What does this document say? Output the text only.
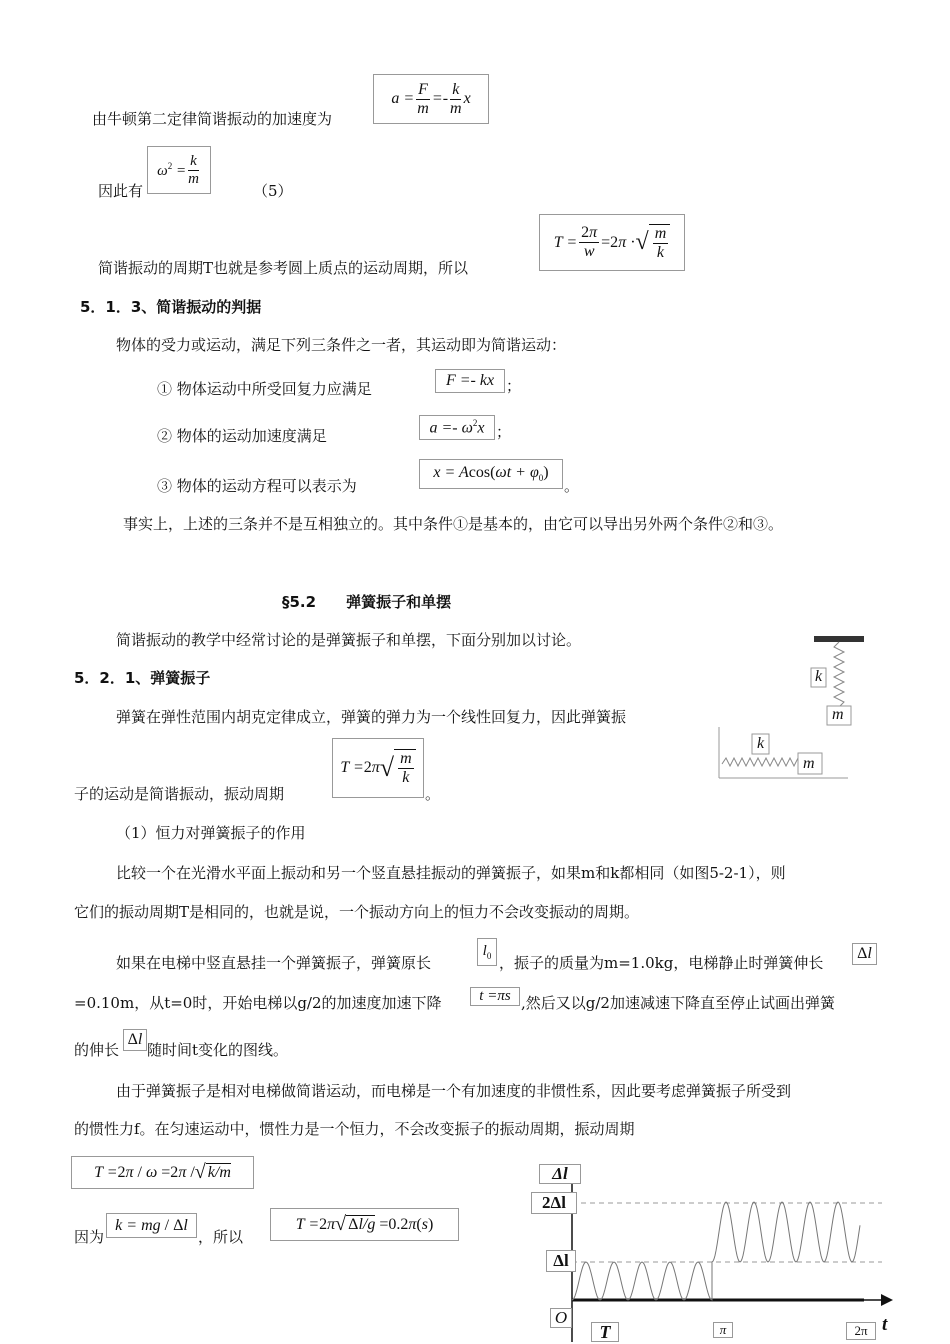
由牛顿第二定律简谐振动的加速度为
$a = \frac{F}{m} =- \frac{k}{m}$ x
因此有
$\omega^2 = \frac{k}{m}$
（5）
简谐振动的周期T也就是参考圆上质点的运动周期，所以
$T = \frac{2\pi}{w} =2\pi$ · √ $\frac{m}{k}$
5．1．3、简谐振动的判据
物体的受力或运动，满足下列三条件之一者，其运动即为简谐运动：
① 物体运动中所受回复力应满足	F =- kx ；
② 物体的运动加速度满足	$a =- \omega^2x$ ；
③ 物体的运动方程可以表示为
$x = Acos(\omega t + \varphi_0)$
。
事实上，上述的三条并不是互相独立的。其中条件①是基本的，由它可以导出另外两个条件②和③。
§5.2　　弹簧振子和单摆
简谐振动的教学中经常讨论的是弹簧振子和单摆，下面分别加以讨论。
5．2．1、弹簧振子
弹簧在弹性范围内胡克定律成立，弹簧的弹力为一个线性回复力，因此弹簧振
子的运动是简谐振动，振动周期
T =2π √ $\frac{m}{k}$
。
k
m
k
m
（1）恒力对弹簧振子的作用
比较一个在光滑水平面上振动和另一个竖直悬挂振动的弹簧振子，如果m和k都相同（如图5-2-1），则
它们的振动周期T是相同的，也就是说，一个振动方向上的恒力不会改变振动的周期。
如果在电梯中竖直悬挂一个弹簧振子，弹簧原长
$l_0$ ，振子的质量为m=1.0kg，电梯静止时弹簧伸长
Δl
=0.10m，从t=0时，开始电梯以g/2的加速度加速下降	t =πs ,然后又以g/2加速减速下降直至停止试画出弹簧
的伸长
Δl
随时间t变化的图线。
由于弹簧振子是相对电梯做简谐运动，而电梯是一个有加速度的非惯性系，因此要考虑弹簧振子所受到
的惯性力f。在匀速运动中，惯性力是一个恒力，不会改变振子的振动周期，振动周期
T =2π / ω =2π / √ k/m
因为
k = mg / Δl
，所以
T =2π √ Δl/g =0.2π( s )
Δl
2Δl
Δl
O
T	π	2π t
